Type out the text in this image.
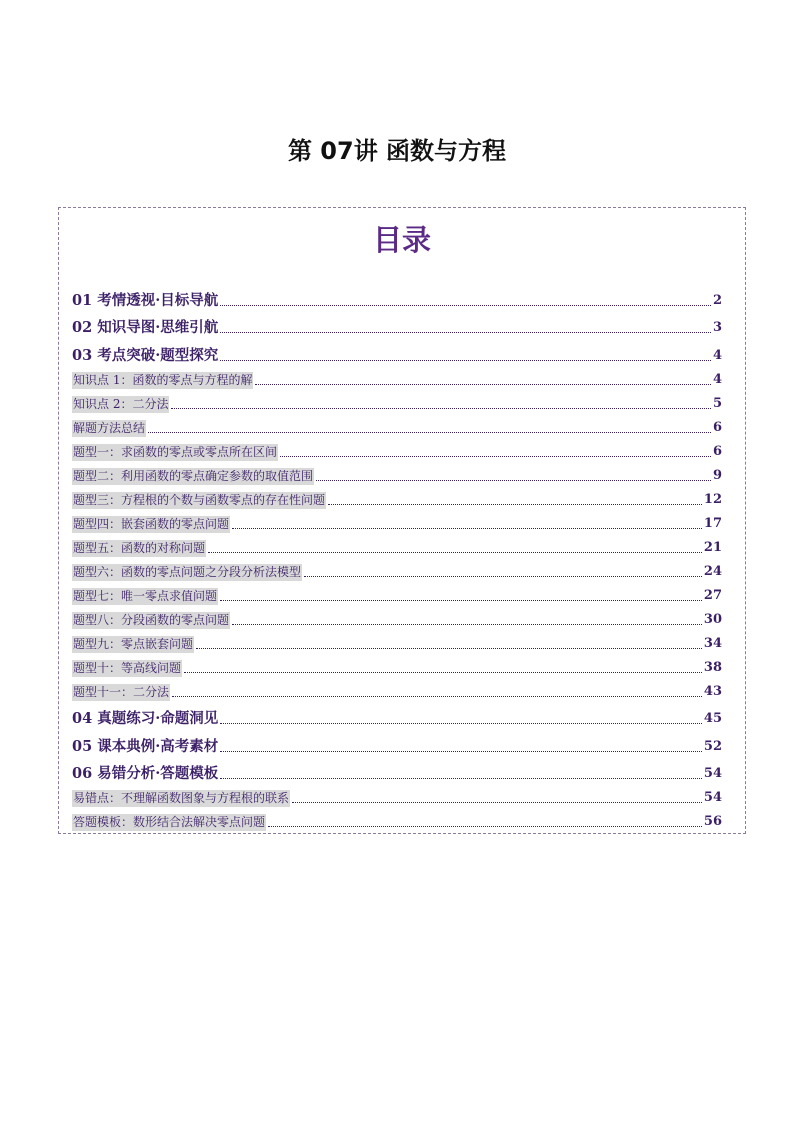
第 07讲 函数与方程
目录
01 考情透视·目标导航	2
02 知识导图·思维引航	3
03 考点突破·题型探究	4
知识点 1：函数的零点与方程的解	4
知识点 2：二分法	5
解题方法总结	6
题型一：求函数的零点或零点所在区间	6
题型二：利用函数的零点确定参数的取值范围	9
题型三：方程根的个数与函数零点的存在性问题	12
题型四：嵌套函数的零点问题	17
题型五：函数的对称问题	21
题型六：函数的零点问题之分段分析法模型	24
题型七：唯一零点求值问题	27
题型八：分段函数的零点问题	30
题型九：零点嵌套问题	34
题型十：等高线问题	38
题型十一：二分法	43
04 真题练习·命题洞见	45
05 课本典例·高考素材	52
06 易错分析·答题模板	54
易错点：不理解函数图象与方程根的联系	54
答题模板：数形结合法解决零点问题	56
